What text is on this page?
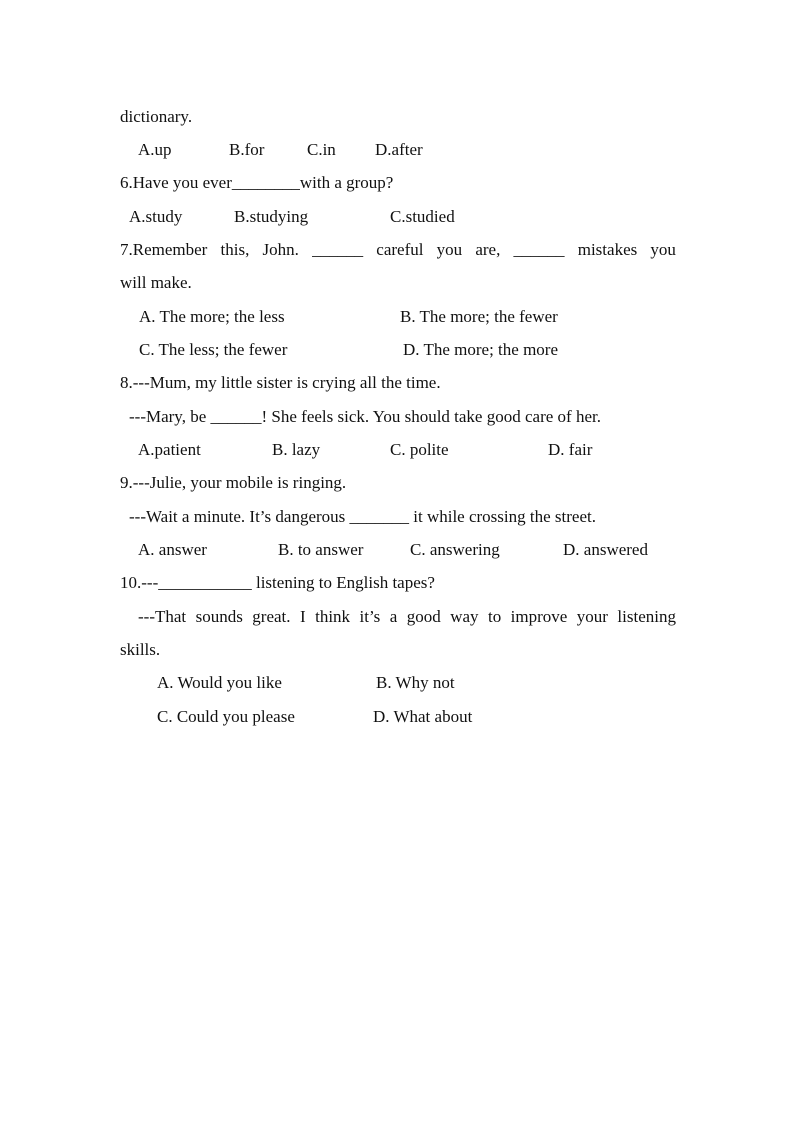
dictionary.
A.up	B.for	C.in D.after
6.Have you ever________with a group?
A.study	B.studying	C.studied
7.Remember this, John. ______ careful you are, ______ mistakes you
will make.
A. The more; the less	B. The more; the fewer
C. The less; the fewer	D. The more; the more
8.---Mum, my little sister is crying all the time.
---Mary, be ______! She feels sick. You should take good care of her.
A.patient	B. lazy	C. polite	D. fair
9.---Julie, your mobile is ringing.
---Wait a minute. It’s dangerous _______ it while crossing the street.
A. answer	B. to answer	C. answering	D. answered
10.---___________ listening to English tapes?
---That sounds great. I think it’s a good way to improve your listening
skills.
A. Would you like	B. Why not
C. Could you please	D. What about
